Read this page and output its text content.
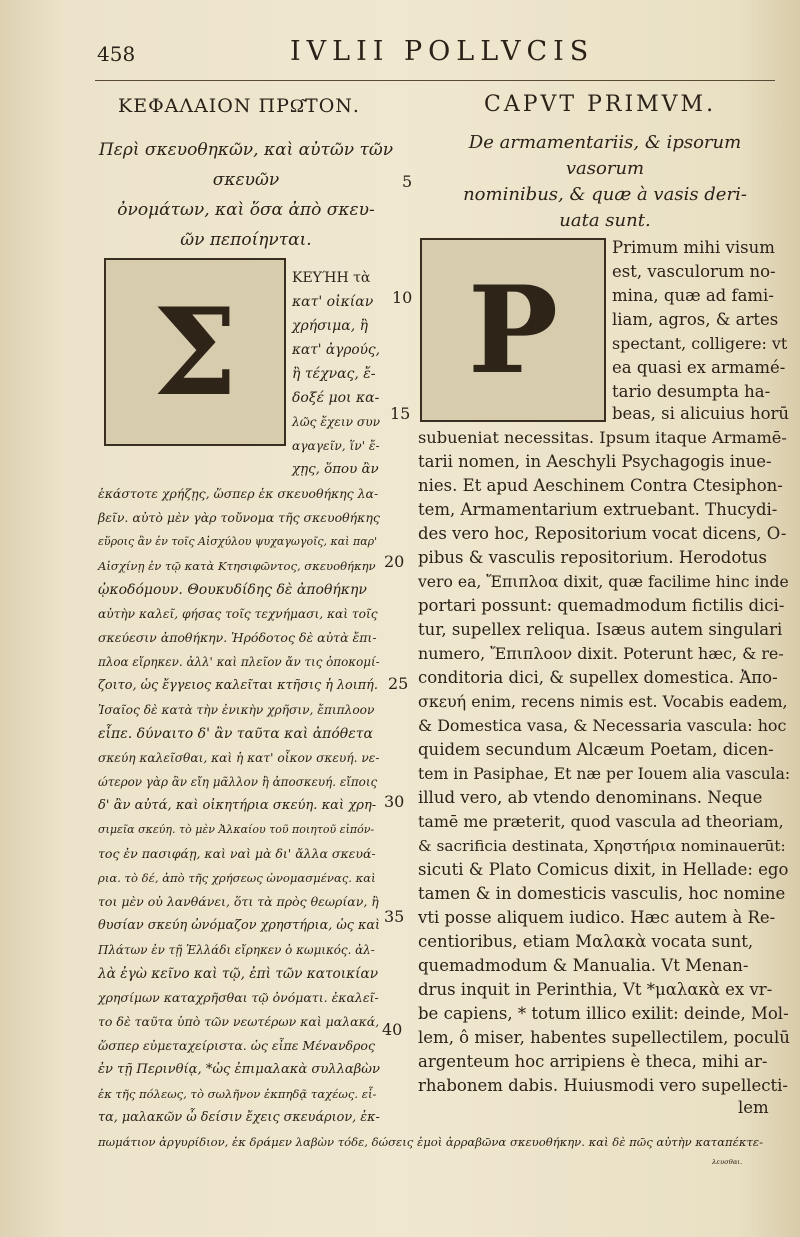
458	IVLII POLLVCIS
ΚΕΦΑΛΑΙΟΝ ΠΡΩ͂ΤΟΝ.	CAPVT PRIMVM.
Περὶ σκευοθηκῶν, καὶ αὐτῶν τῶν σκευῶν
ὀνομάτων, καὶ ὅσα ἀπὸ σκευ-
ῶν πεποίηνται.
De armamentariis, & ipsorum vasorum
nominibus, & quæ à vasis deri-
uata sunt.
Σ P
5
10
15
20
25
30
35
40
ΚΕΥΉΗ τὰ
κατ' οἰκίαν
χρήσιμα, ἢ
κατ' ἀγρούς,
ἢ τέχνας, ἔ-
δοξέ μοι κα-
λῶς ἔχειν συν
αγαγεῖν, ἵν' ἔ-
χῃς, ὅπου ἂν
ἑκάστοτε χρήζῃς, ὥσπερ ἐκ σκευοθήκης λα-
βεῖν. αὐτὸ μὲν γὰρ τοὔνομα τῆς σκευοθήκης
εὕροις ἂν ἐν τοῖς Αἰσχύλου ψυχαγωγοῖς, καὶ παρ'
Αἰσχίνῃ ἐν τῷ κατὰ Κτησιφῶντος, σκευοθήκην
ᾠκοδόμουν. Θουκυδίδης δὲ ἀποθήκην
αὐτὴν καλεῖ, φήσας τοῖς τεχνήμασι, καὶ τοῖς
σκεύεσιν ἀποθήκην. Ἡρόδοτος δὲ αὐτὰ ἔπι-
πλοα εἴρηκεν. ἀλλ' καὶ πλεῖον ἄν τις ὁποκομί-
ζοιτο, ὡς ἔγγειος καλεῖται κτῆσις ἡ λοιπή.
Ἰσαῖος δὲ κατὰ τὴν ἐνικὴν χρῆσιν, ἔπιπλοον
εἶπε. δύναιτο δ' ἂν ταῦτα καὶ ἀπόθετα
σκεύη καλεῖσθαι, καὶ ἡ κατ' οἶκον σκευή. νε-
ώτερον γὰρ ἂν εἴη μᾶλλον ἢ ἀποσκευή. εἴποις
δ' ἂν αὐτά, καὶ οἰκητήρια σκεύη. καὶ χρη-
σιμεῖα σκεύη. τὸ μὲν Ἀλκαίου τοῦ ποιητοῦ εἰπόν-
τος ἐν πασιφάῃ, καὶ ναὶ μὰ δι' ἄλλα σκευά-
ρια. τὸ δέ, ἀπὸ τῆς χρήσεως ὠνομασμένας. καὶ
τοι μὲν οὐ λανθάνει, ὅτι τὰ πρὸς θεωρίαν, ἢ
θυσίαν σκεύη ὠνόμαζον χρηστήρια, ὡς καὶ
Πλάτων ἐν τῇ Ἑλλάδι εἴρηκεν ὁ κωμικός. ἀλ-
λὰ ἐγὼ κεῖνο καὶ τῷ, ἐπὶ τῶν κατοικίαν
χρησίμων καταχρῆσθαι τῷ ὀνόματι. ἐκαλεῖ-
το δὲ ταῦτα ὑπὸ τῶν νεωτέρων καὶ μαλακά,
ὥσπερ εὐμεταχείριστα. ὡς εἶπε Μένανδρος
ἐν τῇ Περινθίᾳ, *ὡς ἐπιμαλακὰ συλλαβὼν
ἐκ τῆς πόλεως, τὸ σωλῆνον ἐκπηδᾷ ταχέως. εἶ-
τα, μαλακῶν ὦ δείσιν ἔχεις σκευάριον, ἐκ-
πωμάτιον ἀργυρίδιον, ἐκ δράμεν λαβὼν τόδε, δώσεις ἐμοὶ ἀρραβῶνα σκευοθήκην. καὶ δὲ πῶς αὐτὴν καταπέκτε-
λευσθαι.
Primum mihi visum
est, vasculorum no-
mina, quæ ad fami-
liam, agros, & artes
spectant, colligere: vt
ea quasi ex armamé-
tario desumpta ha-
beas, si alicuius horū
subueniat necessitas. Ipsum itaque Armamē-
tarii nomen, in Aeschyli Psychagogis inue-
nies. Et apud Aeschinem Contra Ctesiphon-
tem, Armamentarium extruebant. Thucydi-
des vero hoc, Repositorium vocat dicens, O-
pibus & vasculis repositorium. Herodotus
vero ea, Ἔπιπλοα dixit, quæ facilime hinc inde
portari possunt: quemadmodum fictilis dici-
tur, supellex reliqua. Isæus autem singulari
numero, Ἔπιπλοον dixit. Poterunt hæc, & re-
conditoria dici, & supellex domestica. Ἀπο-
σκευή enim, recens nimis est. Vocabis eadem,
& Domestica vasa, & Necessaria vascula: hoc
quidem secundum Alcæum Poetam, dicen-
tem in Pasiphae, Et næ per Iouem alia vascula:
illud vero, ab vtendo denominans. Neque
tamē me præterit, quod vascula ad theoriam,
& sacrificia destinata, Χρηστήρια nominauerūt:
sicuti & Plato Comicus dixit, in Hellade: ego
tamen & in domesticis vasculis, hoc nomine
vti posse aliquem iudico. Hæc autem à Re-
centioribus, etiam Μαλακὰ vocata sunt,
quemadmodum & Manualia. Vt Menan-
drus inquit in Perinthia, Vt *μαλακὰ ex vr-
be capiens, * totum illico exilit: deinde, Mol-
lem, ô miser, habentes supellectilem, poculū
argenteum hoc arripiens è theca, mihi ar-
rhabonem dabis. Huiusmodi vero supellecti-
lem
